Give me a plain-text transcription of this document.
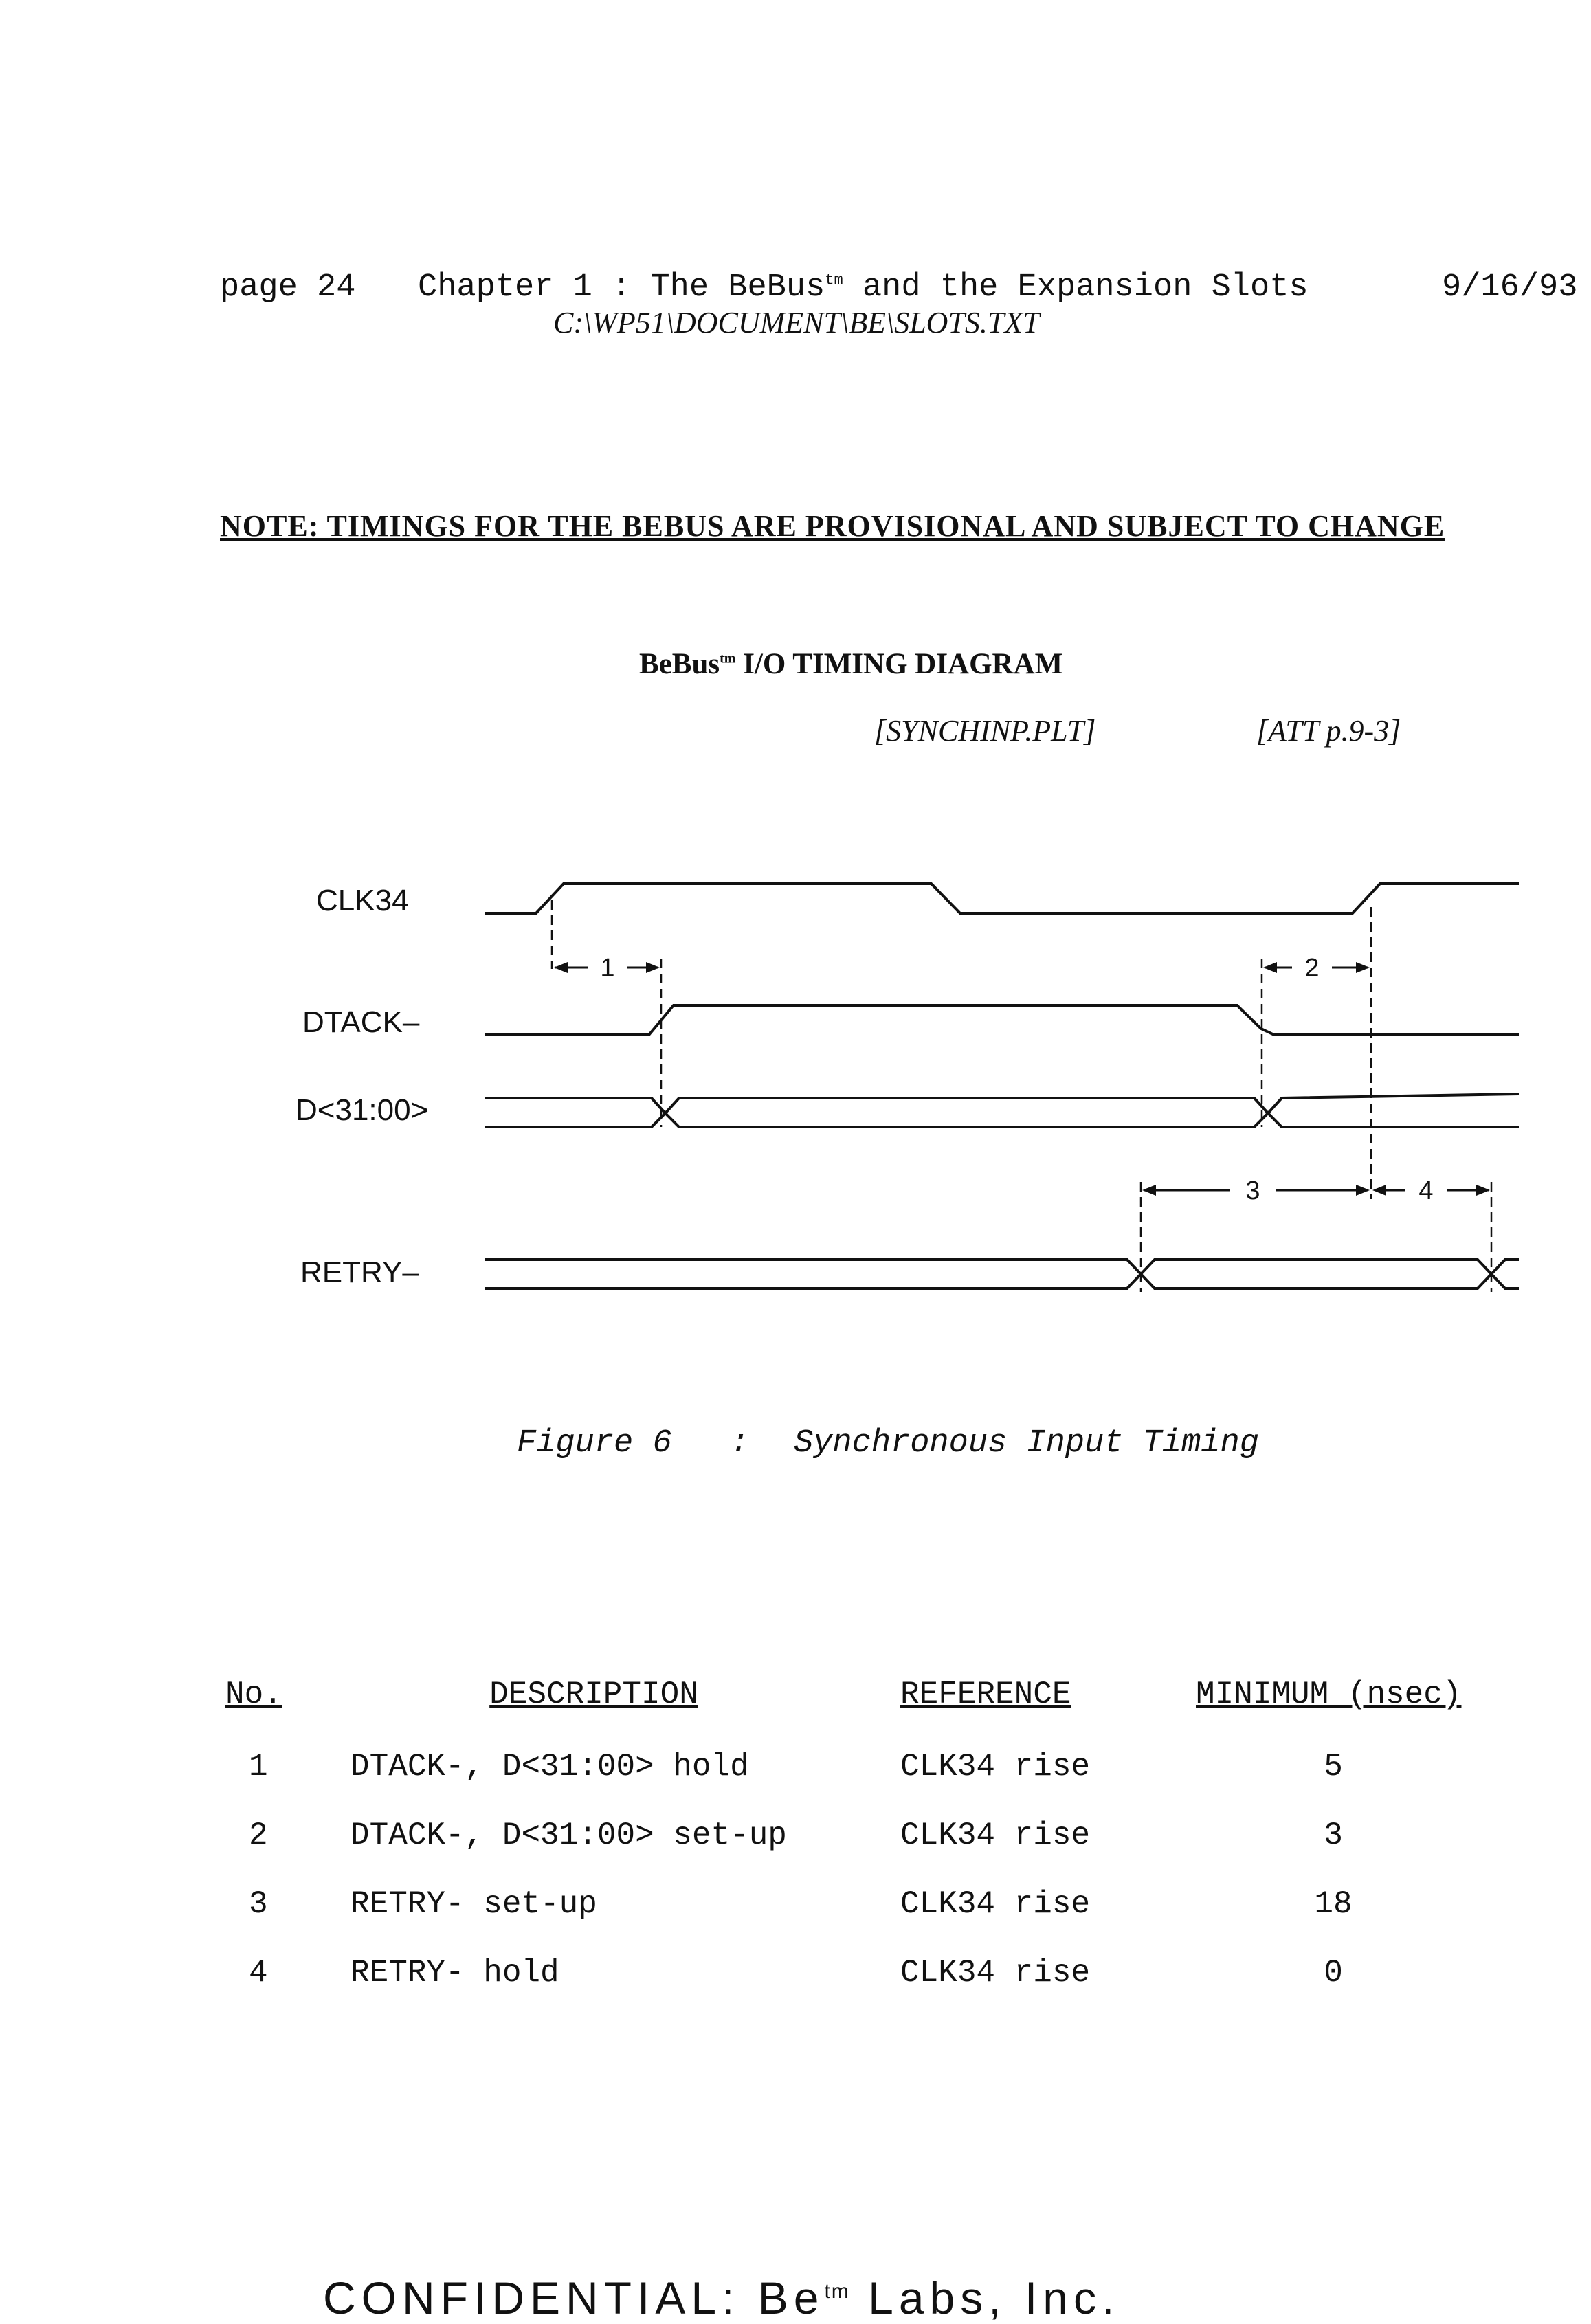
page 24 Chapter 1 : The BeBus$^{tm}$ and the Expansion Slots	9/16/93
C:\WP51\DOCUMENT\BE\SLOTS.TXT
NOTE: TIMINGS FOR THE BEBUS ARE PROVISIONAL AND SUBJECT TO CHANGE
BeBus$^{tm}$ I/O TIMING DIAGRAM
[SYNCHINP.PLT]	[ATT p.9-3]
CLK34
DTACK–
D<31:00>
RETRY–
1	2
3	4
Figure 6 : Synchronous Input Timing
No.	DESCRIPTION	REFERENCE	MINIMUM (nsec)
1	DTACK-, D<31:00> hold	CLK34 rise	5
2	DTACK-, D<31:00> set-up	CLK34 rise	3
3	RETRY- set-up	CLK34 rise	18
4	RETRY- hold	CLK34 rise	0
CONFIDENTIAL: $Be^{tm}$ Labs, Inc.
